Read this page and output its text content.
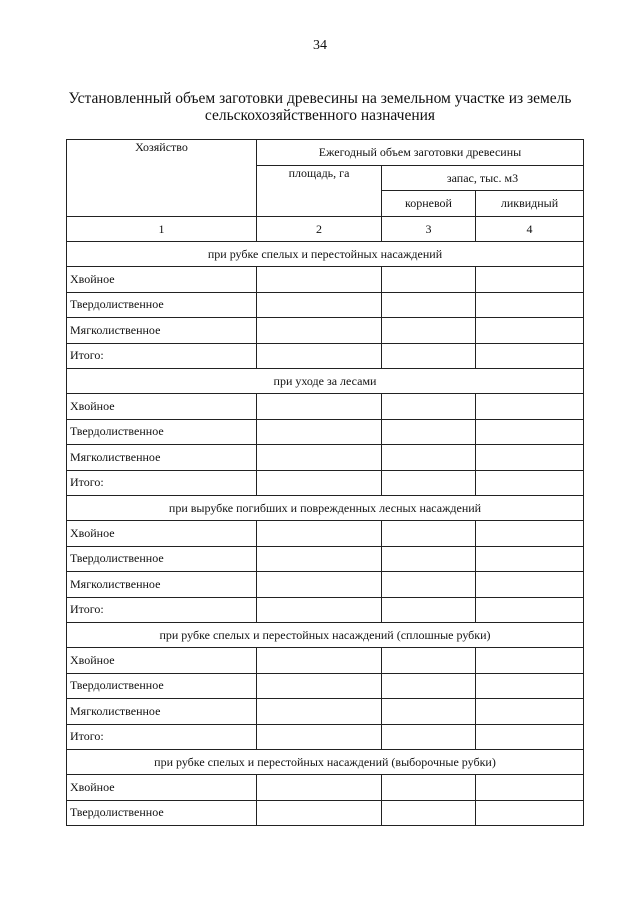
34
Установленный объем заготовки древесины на земельном участке из земель
сельскохозяйственного назначения
Хозяйство	Ежегодный объем заготовки древесины		
	площадь, га	запас, тыс. м3	
		корневой	ликвидный
1	2	3	4
при рубке спелых и перестойных насаждений			
Хвойное			
Твердолиственное			
Мягколиственное			
Итого:			
при уходе за лесами			
Хвойное			
Твердолиственное			
Мягколиственное			
Итого:			
при вырубке погибших и поврежденных лесных насаждений			
Хвойное			
Твердолиственное			
Мягколиственное			
Итого:			
при рубке спелых и перестойных насаждений (сплошные рубки)			
Хвойное			
Твердолиственное			
Мягколиственное			
Итого:			
при рубке спелых и перестойных насаждений (выборочные рубки)			
Хвойное			
Твердолиственное			
